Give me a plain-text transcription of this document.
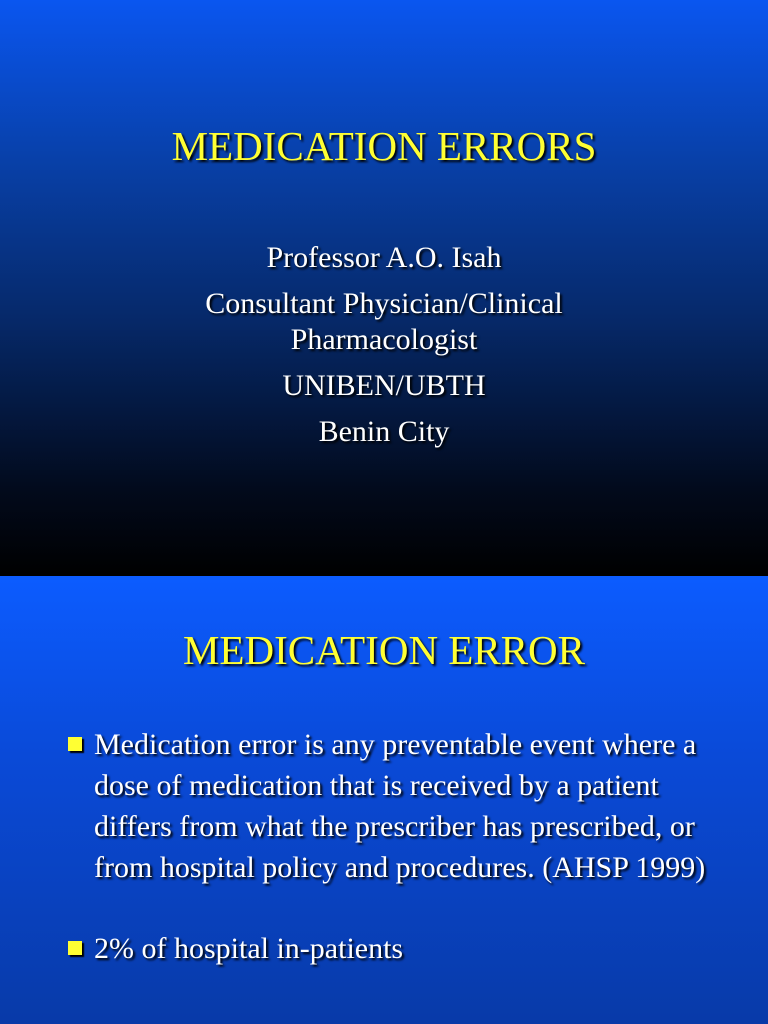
MEDICATION ERRORS
Professor A.O. Isah
Consultant Physician/Clinical
Pharmacologist
UNIBEN/UBTH
Benin City
MEDICATION ERROR
Medication error is any preventable event where a dose of medication that is received by a patient differs from what the prescriber has prescribed, or from hospital policy and procedures. (AHSP 1999)
2% of hospital in-patients
